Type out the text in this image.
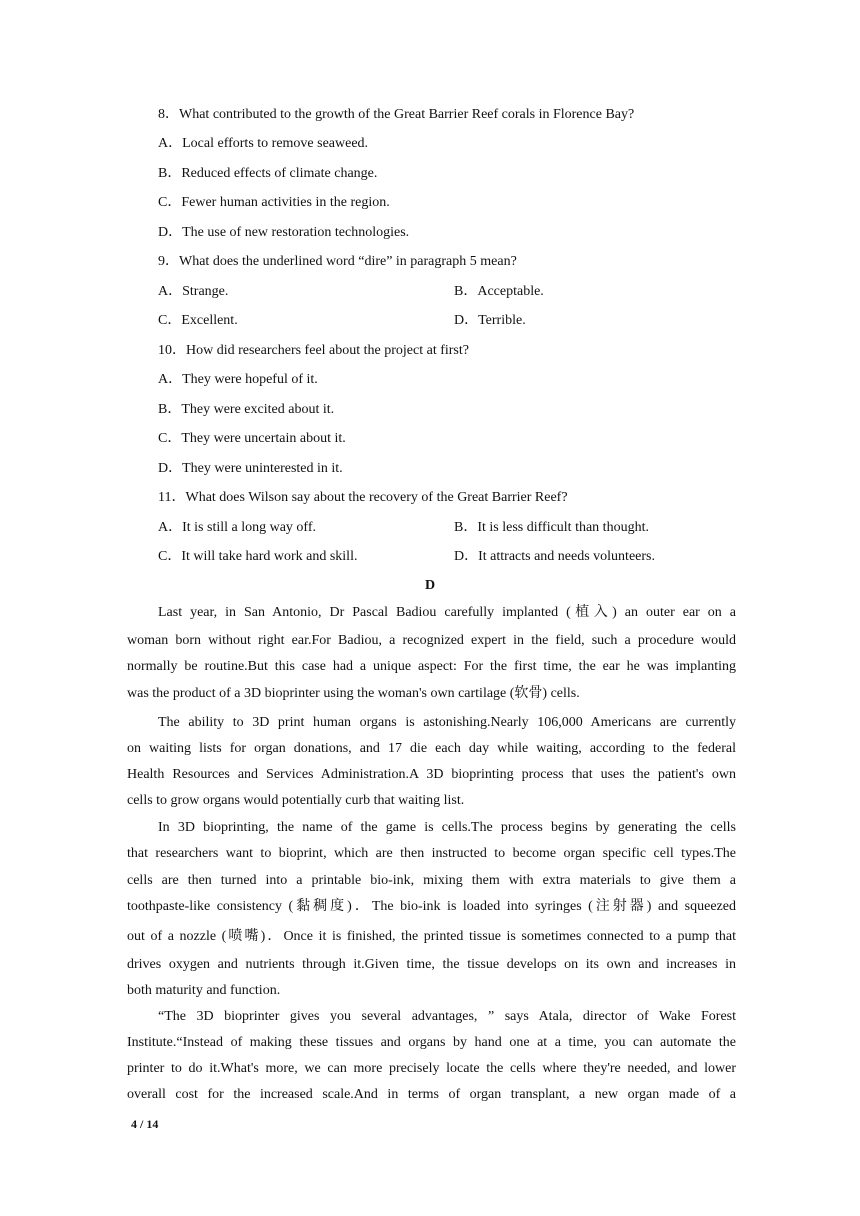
8．What contributed to the growth of the Great Barrier Reef corals in Florence Bay?
A．Local efforts to remove seaweed.
B．Reduced effects of climate change.
C．Fewer human activities in the region.
D．The use of new restoration technologies.
9．What does the underlined word “dire” in paragraph 5 mean?
A．Strange.	B．Acceptable.
C．Excellent.	D．Terrible.
10．How did researchers feel about the project at first?
A．They were hopeful of it.
B．They were excited about it.
C．They were uncertain about it.
D．They were uninterested in it.
11．What does Wilson say about the recovery of the Great Barrier Reef?
A．It is still a long way off.	B．It is less difficult than thought.
C．It will take hard work and skill.	D．It attracts and needs volunteers.
D
Last year, in San Antonio, Dr Pascal Badiou carefully implanted (植入) an outer ear on a
woman born without right ear.For Badiou, a recognized expert in the field, such a procedure would
normally be routine.But this case had a unique aspect: For the first time, the ear he was implanting
was the product of a 3D bioprinter using the woman's own cartilage (软骨) cells.
The ability to 3D print human organs is astonishing.Nearly 106,000 Americans are currently
on waiting lists for organ donations, and 17 die each day while waiting, according to the federal
Health Resources and Services Administration.A 3D bioprinting process that uses the patient's own
cells to grow organs would potentially curb that waiting list.
In 3D bioprinting, the name of the game is cells.The process begins by generating the cells
that researchers want to bioprint, which are then instructed to become organ specific cell types.The
cells are then turned into a printable bio-ink, mixing them with extra materials to give them a
toothpaste-like consistency (黏稠度)．The bio-ink is loaded into syringes (注射器) and squeezed
out of a nozzle (喷嘴)．Once it is finished, the printed tissue is sometimes connected to a pump that
drives oxygen and nutrients through it.Given time, the tissue develops on its own and increases in
both maturity and function.
“The 3D bioprinter gives you several advantages, ” says Atala, director of Wake Forest
Institute.“Instead of making these tissues and organs by hand one at a time, you can automate the
printer to do it.What's more, we can more precisely locate the cells where they're needed, and lower
overall cost for the increased scale.And in terms of organ transplant, a new organ made of a
4 / 14
